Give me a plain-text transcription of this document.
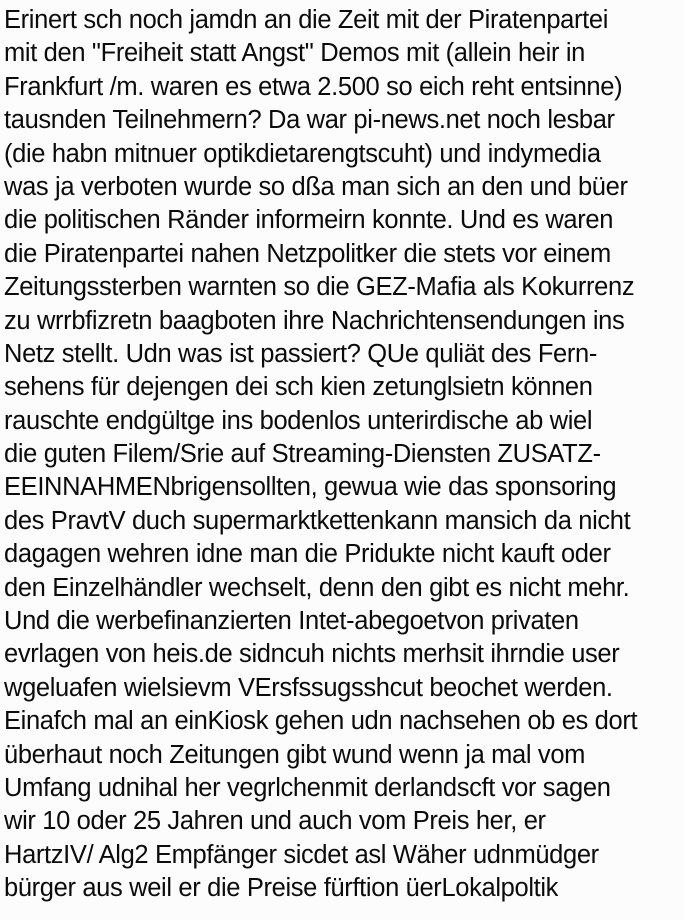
Erinert sch noch jamdn an die Zeit mit der Piratenpartei
mit den "Freiheit statt Angst" Demos mit (allein heir in
Frankfurt /m. waren es etwa 2.500 so eich reht entsinne)
tausnden Teilnehmern? Da war pi-news.net noch lesbar
(die habn mitnuer optikdietarengtscuht) und indymedia
was ja verboten wurde so dßa man sich an den und büer
die politischen Ränder informeirn konnte. Und es waren
die Piratenpartei nahen Netzpolitker die stets vor einem
Zeitungssterben warnten so die GEZ-Mafia als Kokurrenz
zu wrrbfizretn baagboten ihre Nachrichtensendungen ins
Netz stellt. Udn was ist passiert? QUe quliät des Fern-
sehens für dejengen dei sch kien zetunglsietn können
rauschte endgültge ins bodenlos unterirdische ab wiel
die guten Filem/Srie auf Streaming-Diensten ZUSATZ-
EEINNAHMENbrigensollten, gewua wie das sponsoring
des PravtV duch supermarktkettenkann mansich da nicht
dagagen wehren idne man die Pridukte nicht kauft oder
den Einzelhändler wechselt, denn den gibt es nicht mehr.
Und die werbefinanzierten Intet-abegoetvon privaten
evrlagen von heis.de sidncuh nichts merhsit ihrndie user
wgeluafen wielsievm VErsfssugsshcut beochet werden.
Einafch mal an einKiosk gehen udn nachsehen ob es dort
überhaut noch Zeitungen gibt wund wenn ja mal vom
Umfang udnihal her vegrlchenmit derlandscft vor sagen
wir 10 oder 25 Jahren und auch vom Preis her, er
HartzIV/ Alg2 Empfänger sicdet asl Wäher udnmüdger
bürger aus weil er die Preise fürftion üerLokalpoltik
